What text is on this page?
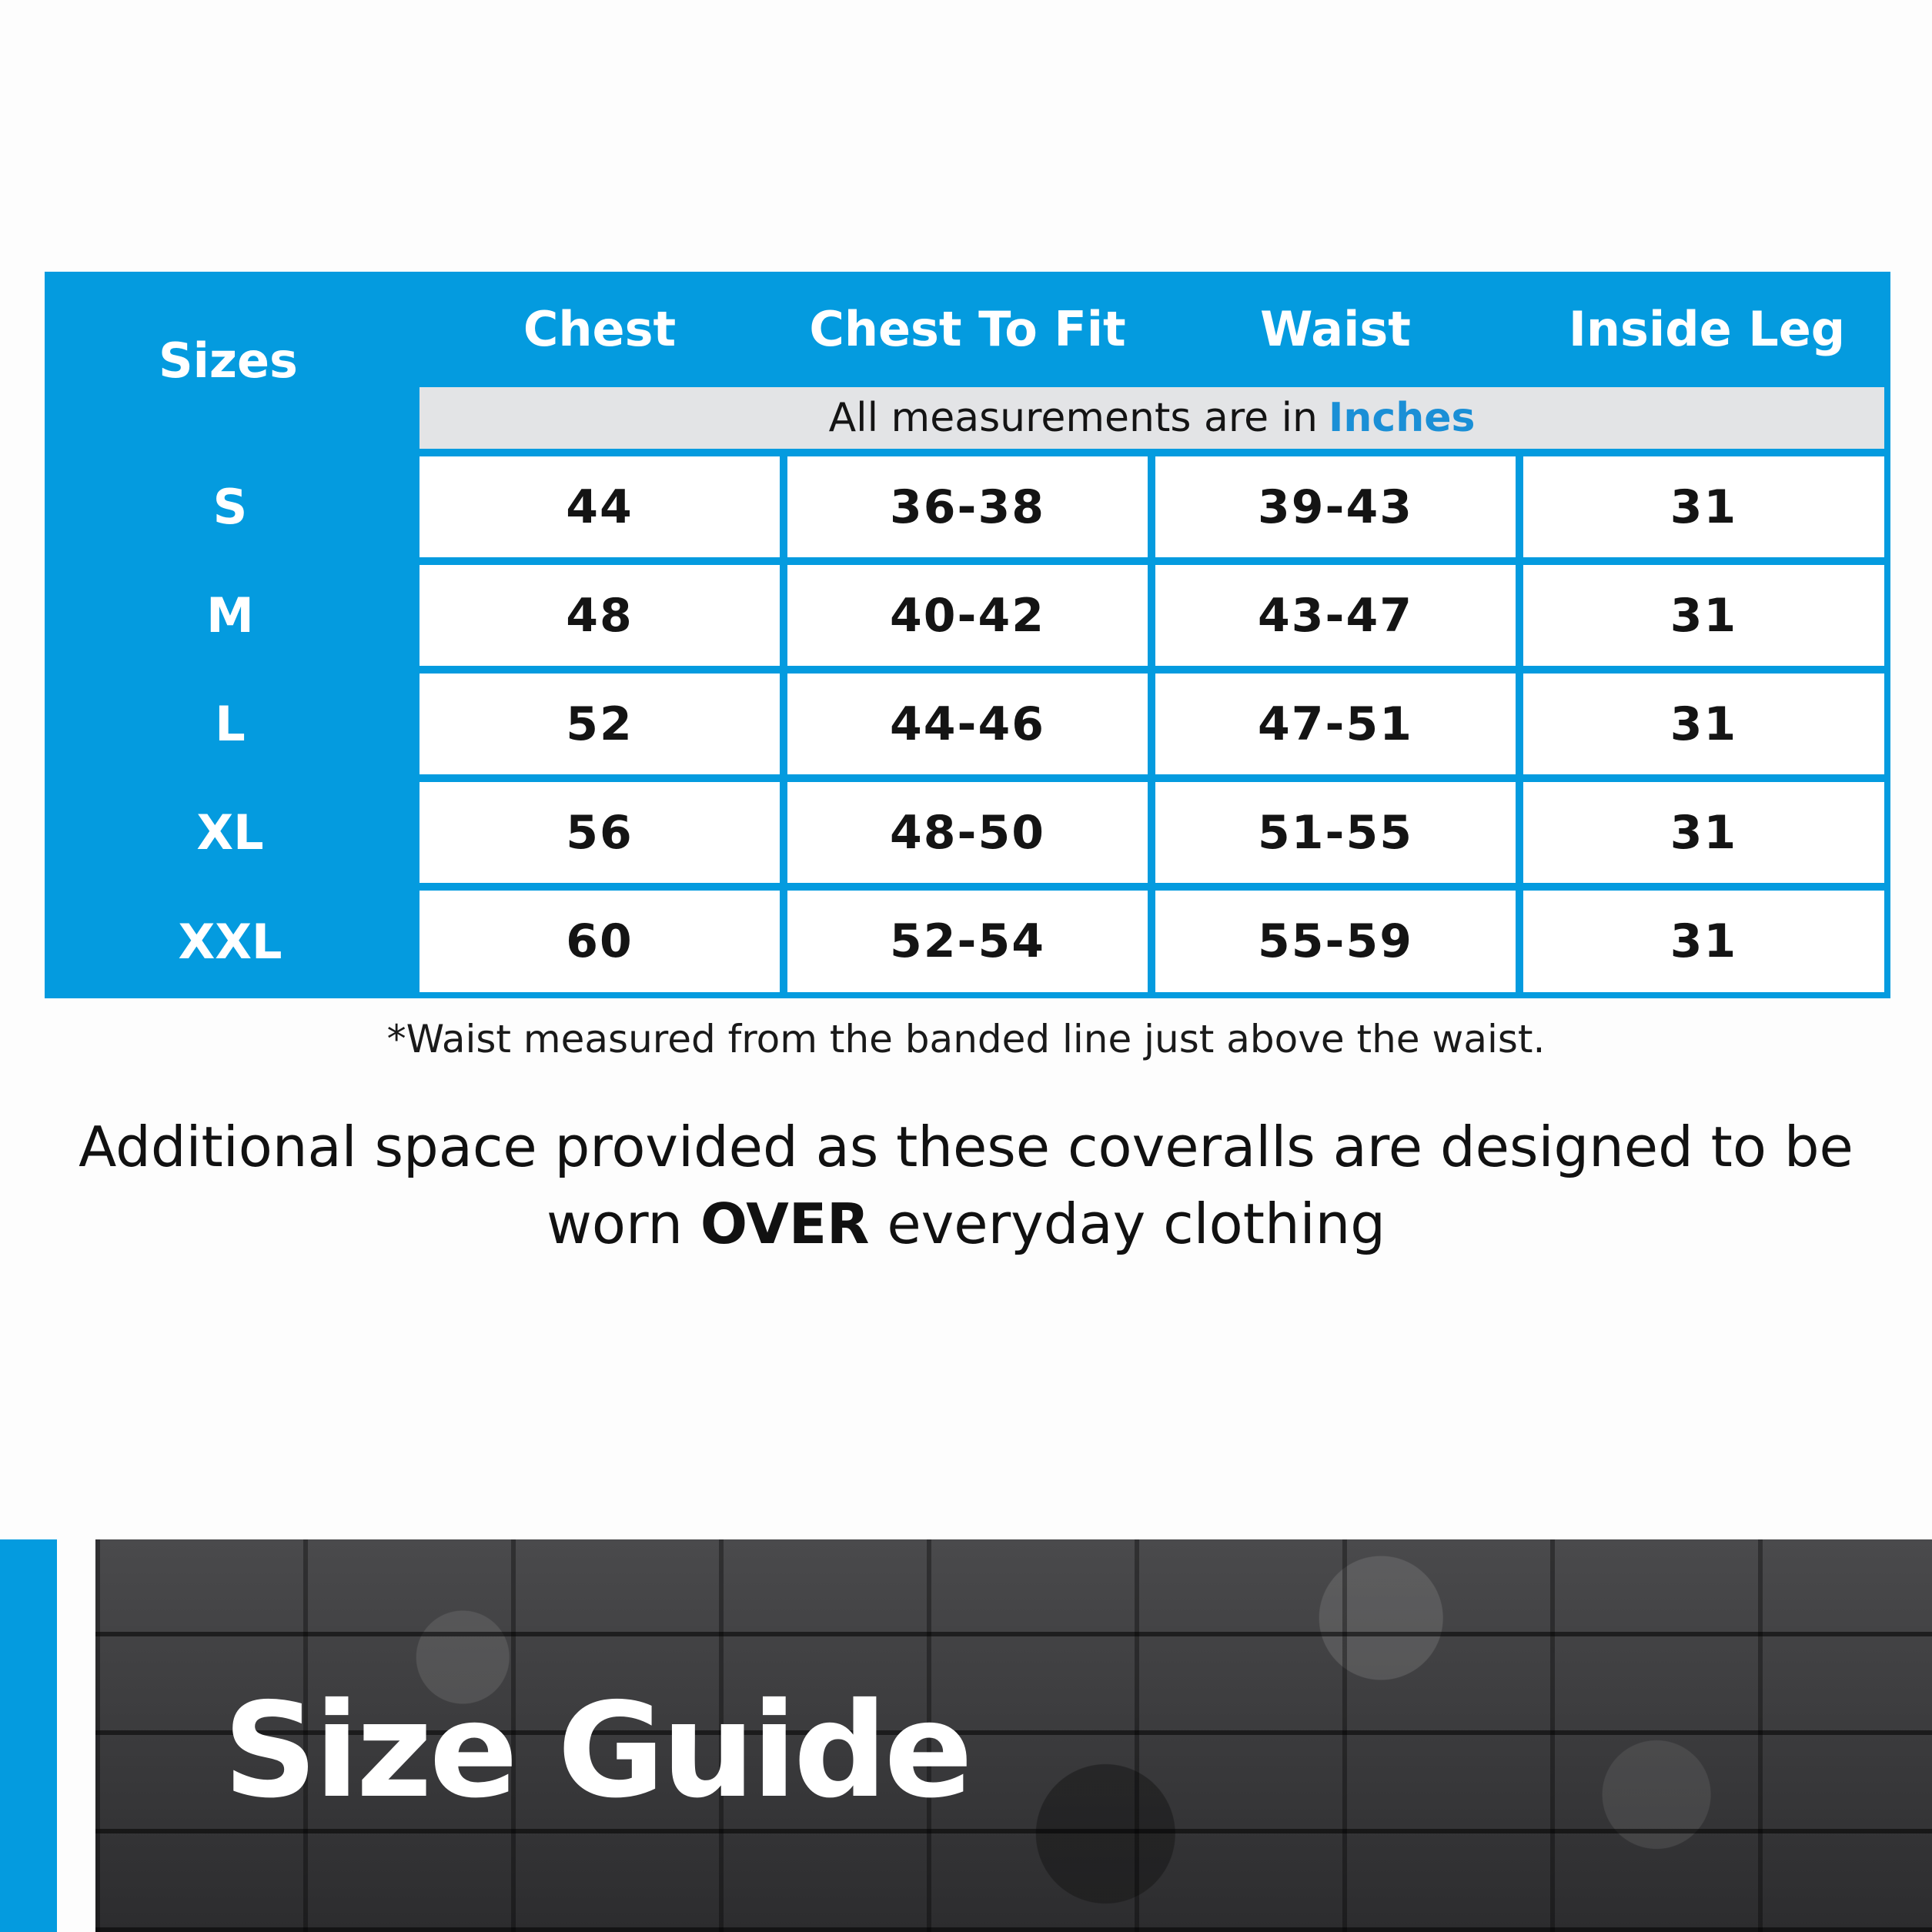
Sizes
Chest	Chest To Fit	Waist	Inside Leg
All measurements are in Inches
S	44	36-38	39-43	31
M	48	40-42	43-47	31
L	52	44-46	47-51	31
XL	56	48-50	51-55	31
XXL	60	52-54	55-59	31
*Waist measured from the banded line just above the waist.
Additional space provided as these coveralls are designed to be worn OVER everyday clothing
Size Guide
